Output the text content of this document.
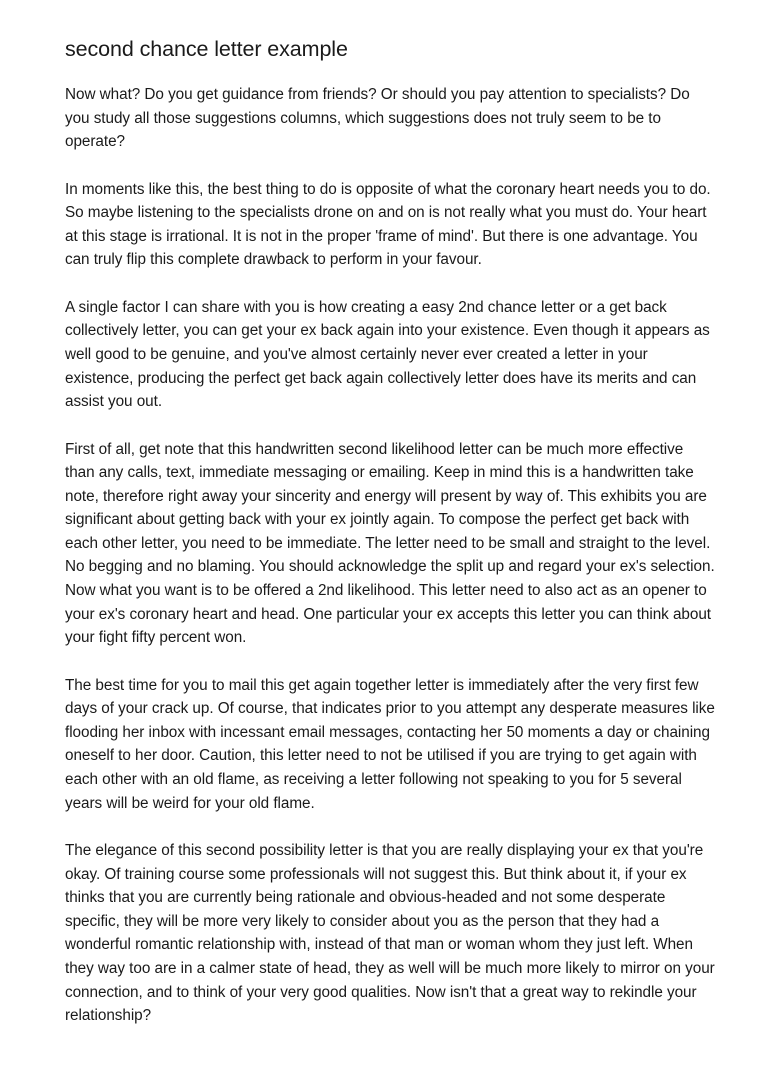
second chance letter example

Now what? Do you get guidance from friends? Or should you pay attention to specialists? Do you study all those suggestions columns, which suggestions does not truly seem to be to operate?

In moments like this, the best thing to do is opposite of what the coronary heart needs you to do. So maybe listening to the specialists drone on and on is not really what you must do. Your heart at this stage is irrational. It is not in the proper 'frame of mind'. But there is one advantage. You can truly flip this complete drawback to perform in your favour.

A single factor I can share with you is how creating a easy 2nd chance letter or a get back collectively letter, you can get your ex back again into your existence. Even though it appears as well good to be genuine, and you've almost certainly never ever created a letter in your existence, producing the perfect get back again collectively letter does have its merits and can assist you out.

First of all, get note that this handwritten second likelihood letter can be much more effective than any calls, text, immediate messaging or emailing. Keep in mind this is a handwritten take note, therefore right away your sincerity and energy will present by way of. This exhibits you are significant about getting back with your ex jointly again. To compose the perfect get back with each other letter, you need to be immediate. The letter need to be small and straight to the level. No begging and no blaming. You should acknowledge the split up and regard your ex's selection. Now what you want is to be offered a 2nd likelihood. This letter need to also act as an opener to your ex's coronary heart and head. One particular your ex accepts this letter you can think about your fight fifty percent won.

The best time for you to mail this get again together letter is immediately after the very first few days of your crack up. Of course, that indicates prior to you attempt any desperate measures like flooding her inbox with incessant email messages, contacting her 50 moments a day or chaining oneself to her door. Caution, this letter need to not be utilised if you are trying to get again with each other with an old flame, as receiving a letter following not speaking to you for 5 several years will be weird for your old flame.

The elegance of this second possibility letter is that you are really displaying your ex that you're okay. Of training course some professionals will not suggest this. But think about it, if your ex thinks that you are currently being rationale and obvious-headed and not some desperate specific, they will be more very likely to consider about you as the person that they had a wonderful romantic relationship with, instead of that man or woman whom they just left. When they way too are in a calmer state of head, they as well will be much more likely to mirror on your connection, and to think of your very good qualities. Now isn't that a great way to rekindle your relationship?
